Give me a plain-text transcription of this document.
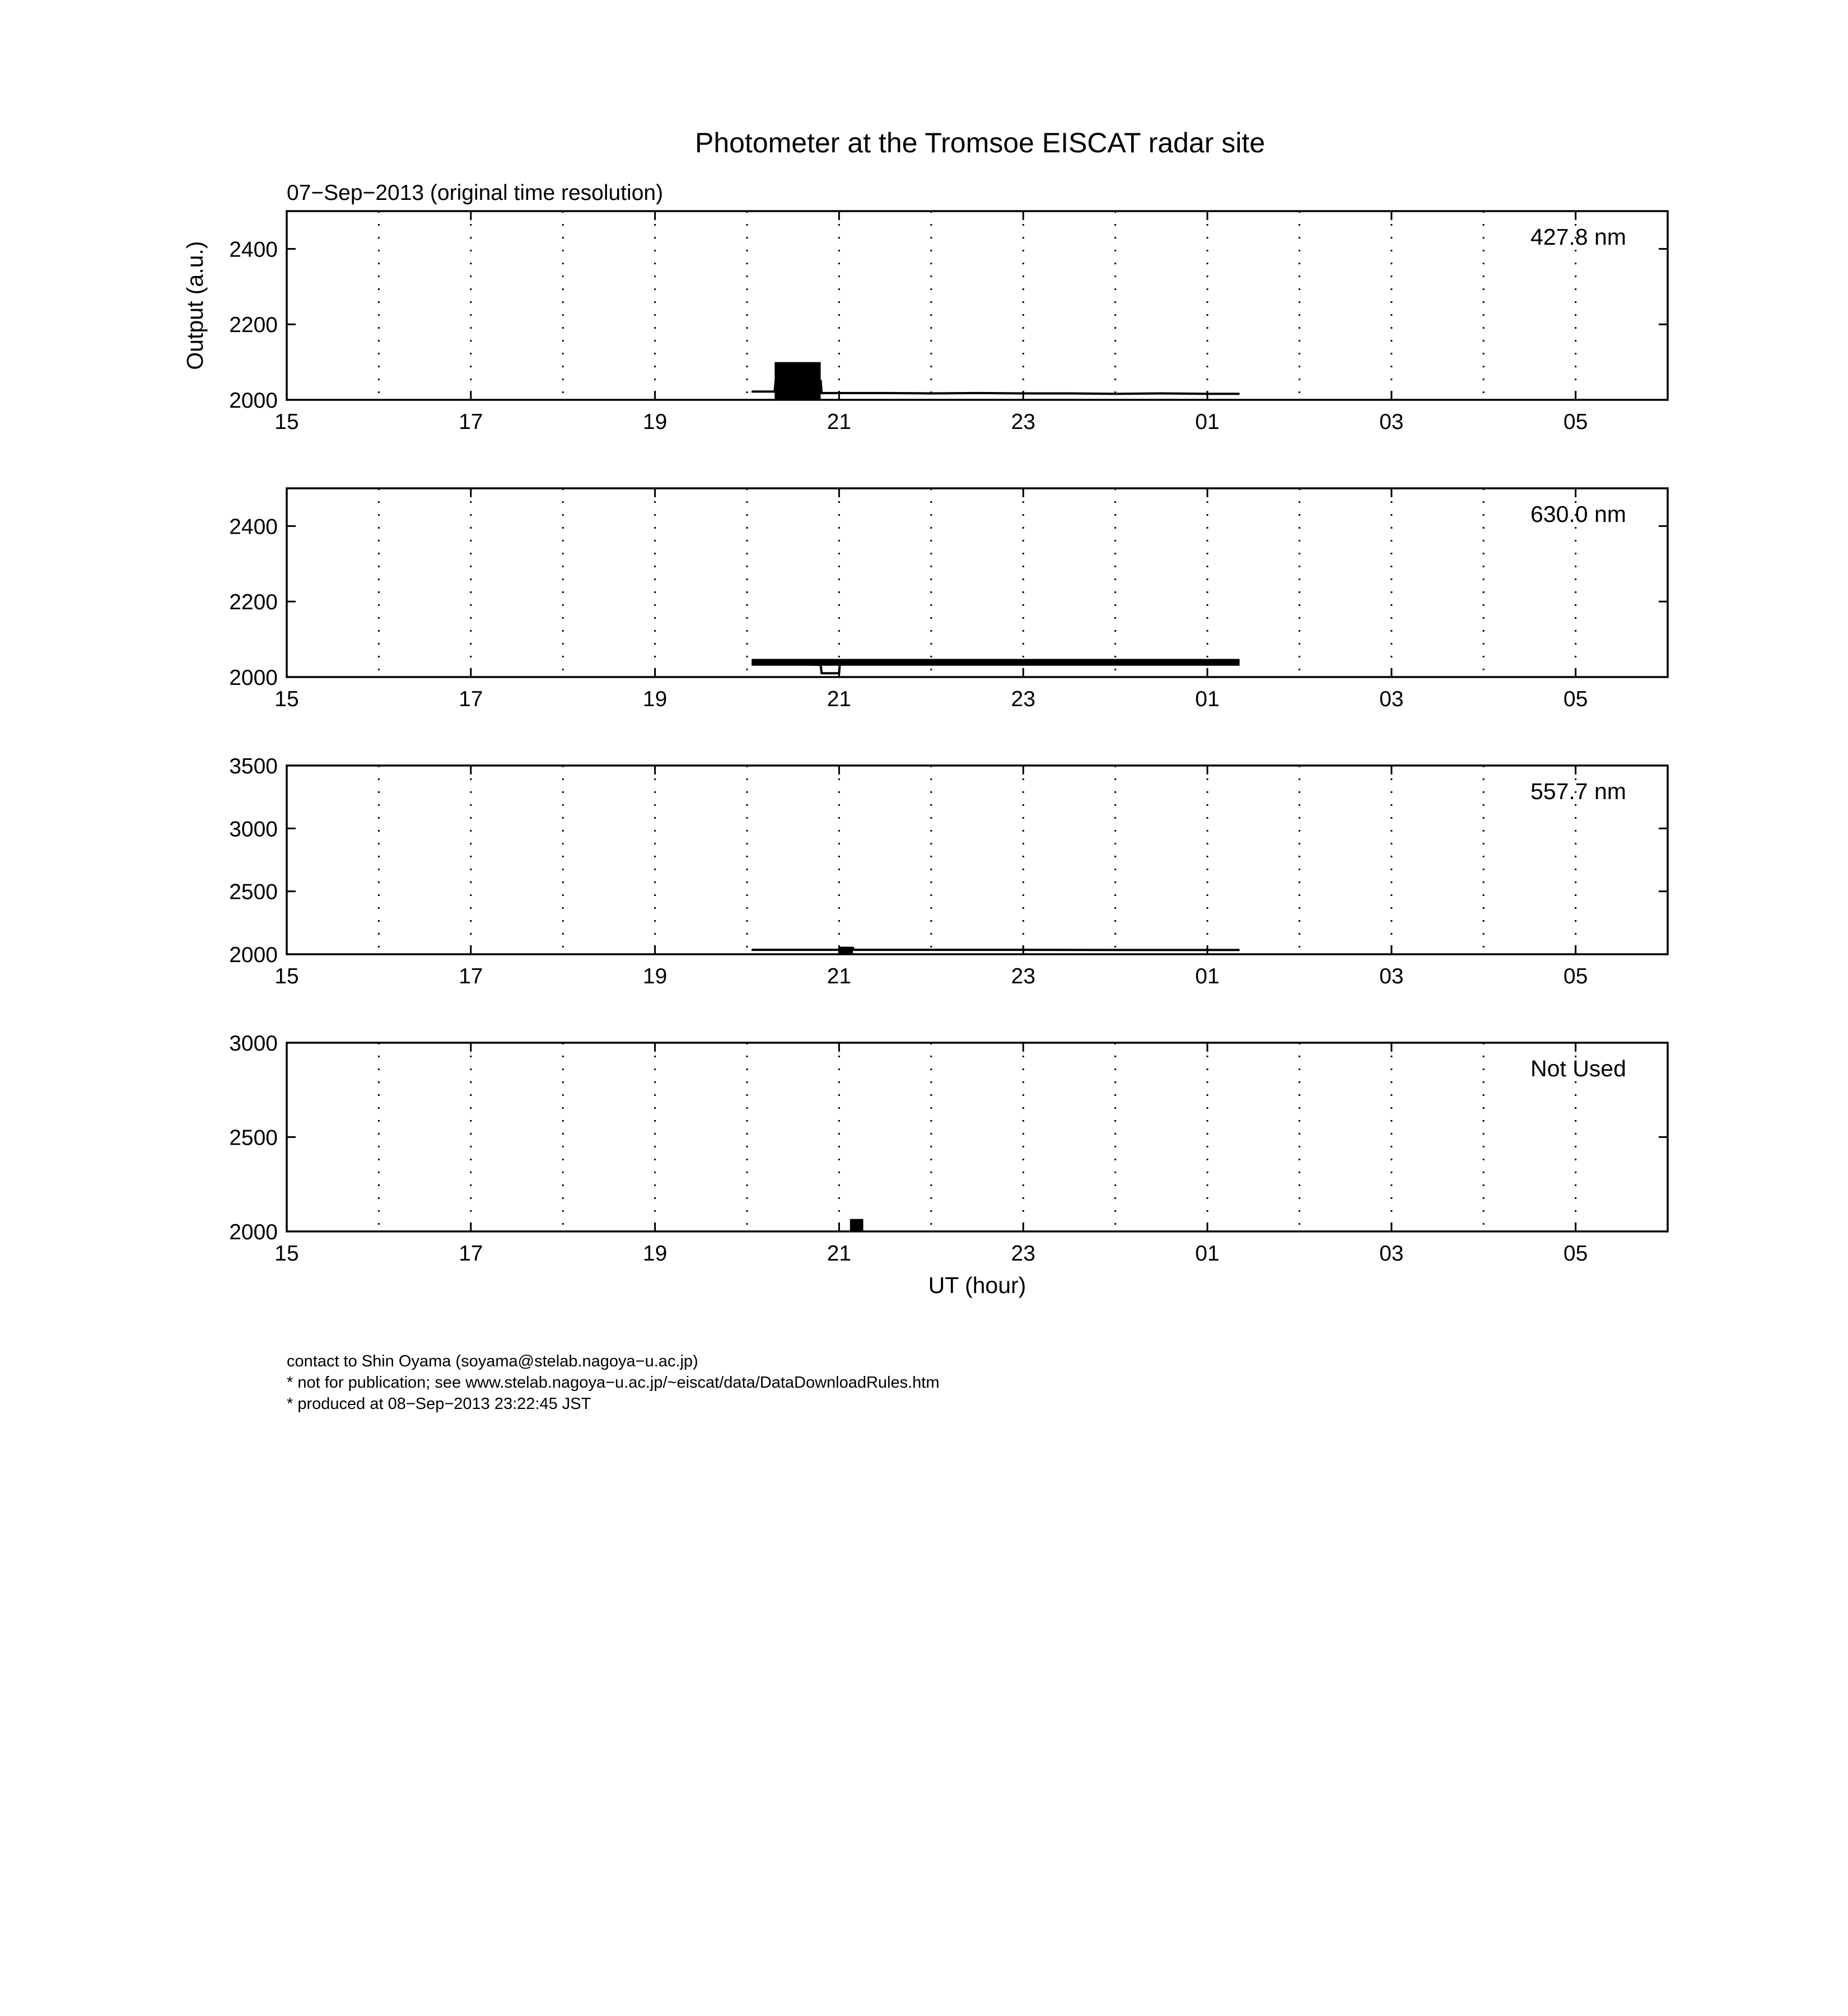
Photometer at the Tromsoe EISCAT radar site
07−Sep−2013 (original time resolution)
15	17	19	21	23	01	03	05
2000
2200
2400	427.8 nm
Output (a.u.)
15	17	19	21	23	01	03	05
2000
2200
2400	630.0 nm
15	17	19	21	23	01	03	05
2000
2500
3000
3500
557.7 nm
15	17	19	21	23	01	03	05
2000
2500
3000
Not Used
UT (hour)
contact to Shin Oyama (soyama@stelab.nagoya−u.ac.jp)
* not for publication; see www.stelab.nagoya−u.ac.jp/~eiscat/data/DataDownloadRules.htm
* produced at 08−Sep−2013 23:22:45 JST
